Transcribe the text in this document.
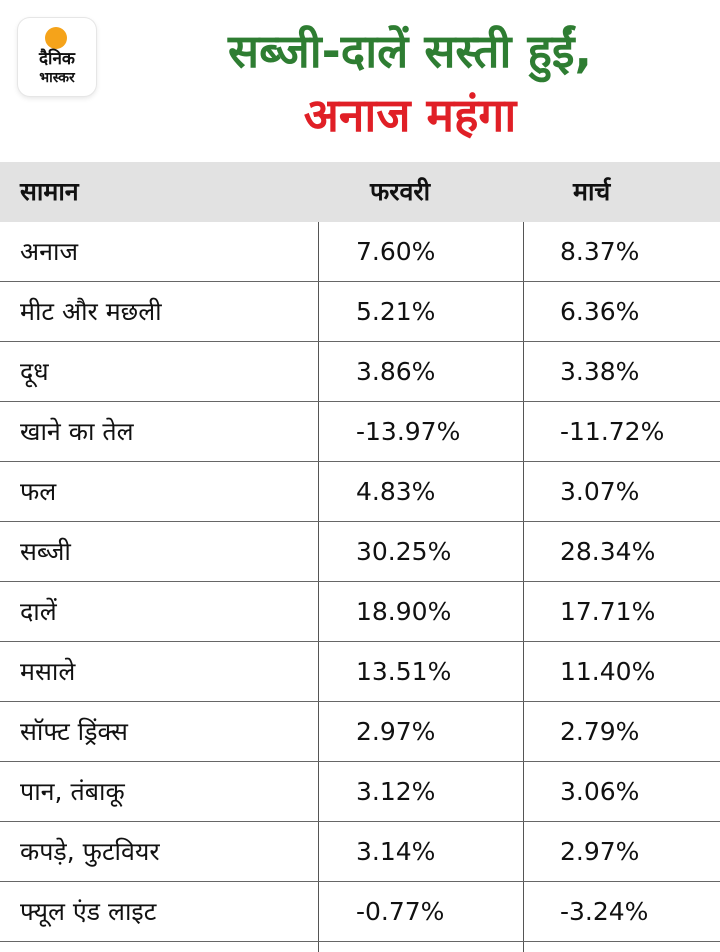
दैनिक
भास्कर	सब्जी-दालें सस्ती हुईं,
अनाज महंगा
सामान	फरवरी	मार्च
अनाज	7.60%	8.37%
मीट और मछली	5.21%	6.36%
दूध	3.86%	3.38%
खाने का तेल	-13.97%	-11.72%
फल	4.83%	3.07%
सब्जी	30.25%	28.34%
दालें	18.90%	17.71%
मसाले	13.51%	11.40%
सॉफ्ट ड्रिंक्स	2.97%	2.79%
पान, तंबाकू	3.12%	3.06%
कपड़े, फुटवियर	3.14%	2.97%
फ्यूल एंड लाइट	-0.77%	-3.24%
